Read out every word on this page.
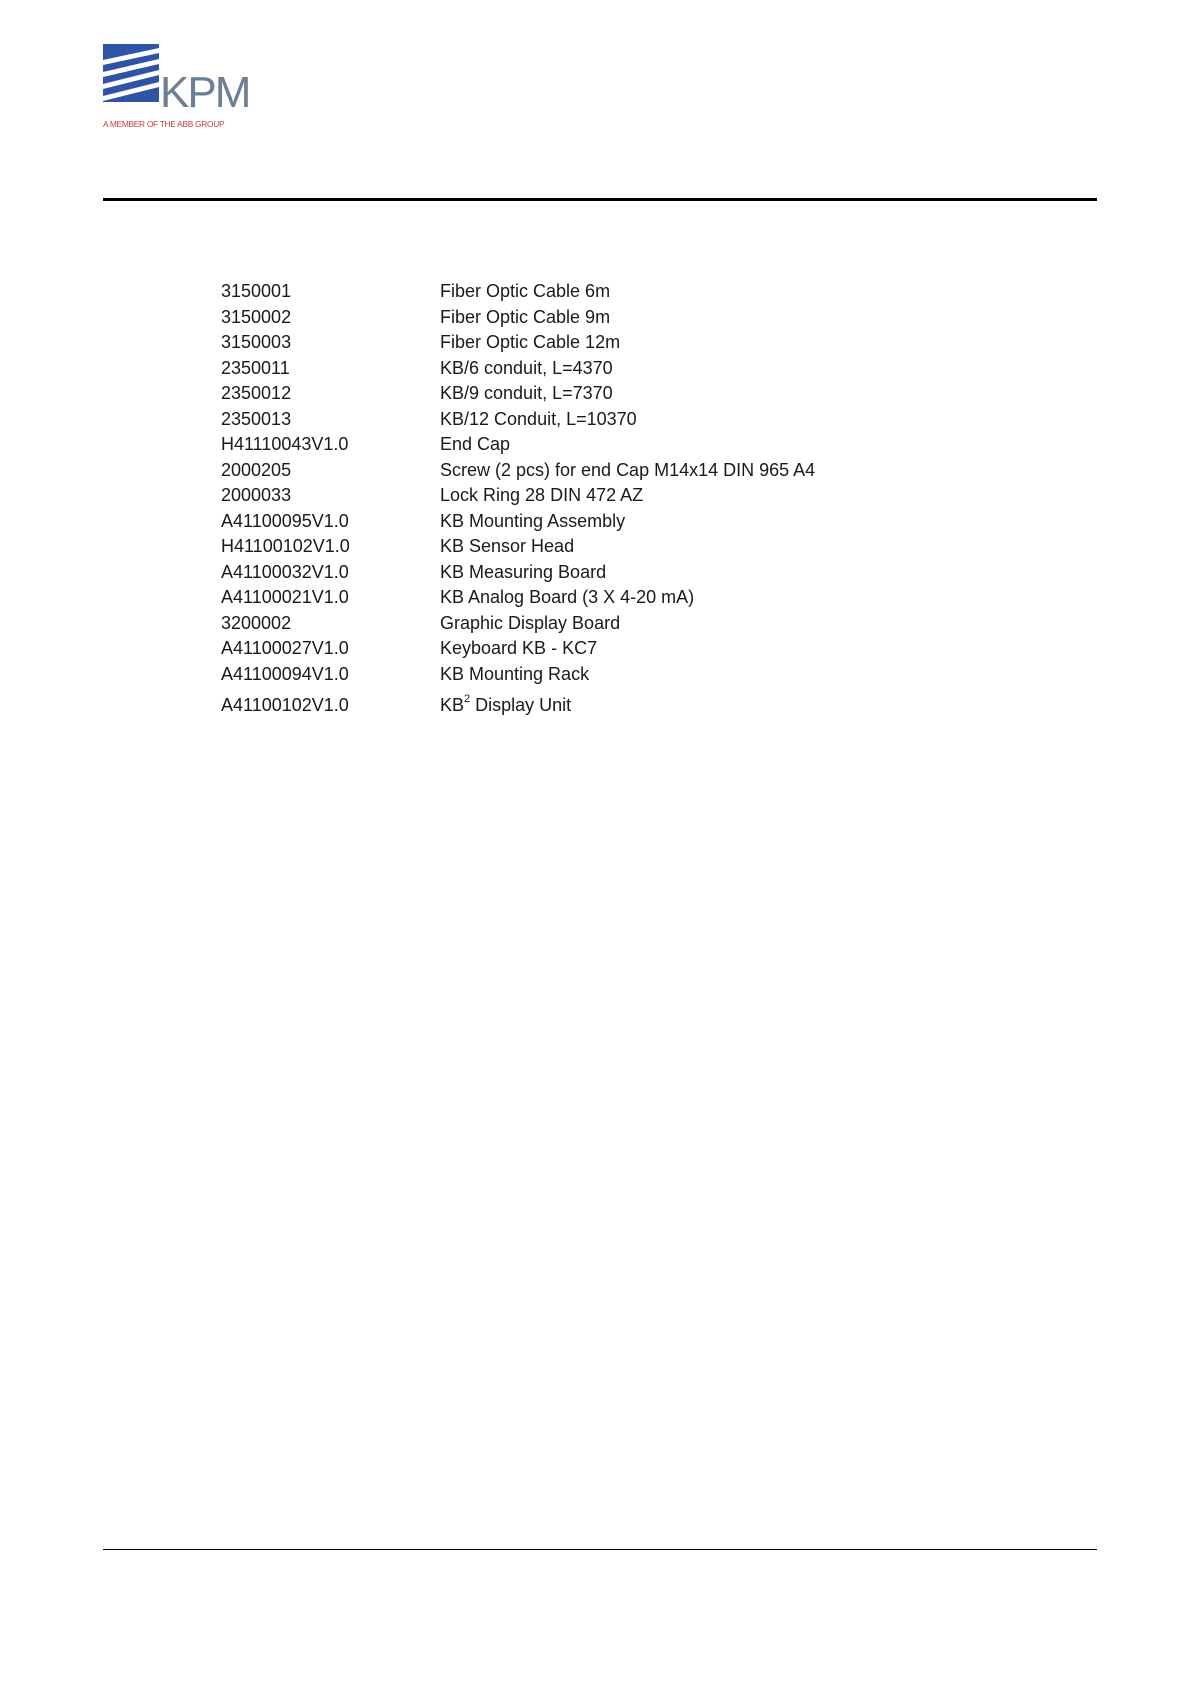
KPM
A MEMBER OF THE ABB GROUP
3150001	Fiber Optic Cable 6m
3150002	Fiber Optic Cable 9m
3150003	Fiber Optic Cable 12m
2350011	KB/6 conduit, L=4370
2350012	KB/9 conduit, L=7370
2350013	KB/12 Conduit, L=10370
H41110043V1.0	End Cap
2000205	Screw (2 pcs) for end Cap M14x14 DIN 965 A4
2000033	Lock Ring 28 DIN 472 AZ
A41100095V1.0	KB Mounting Assembly
H41100102V1.0	KB Sensor Head
A41100032V1.0	KB Measuring Board
A41100021V1.0	KB Analog Board (3 X 4-20 mA)
3200002	Graphic Display Board
A41100027V1.0	Keyboard KB - KC7
A41100094V1.0	KB Mounting Rack
A41100102V1.0	$KB^2$ Display Unit
